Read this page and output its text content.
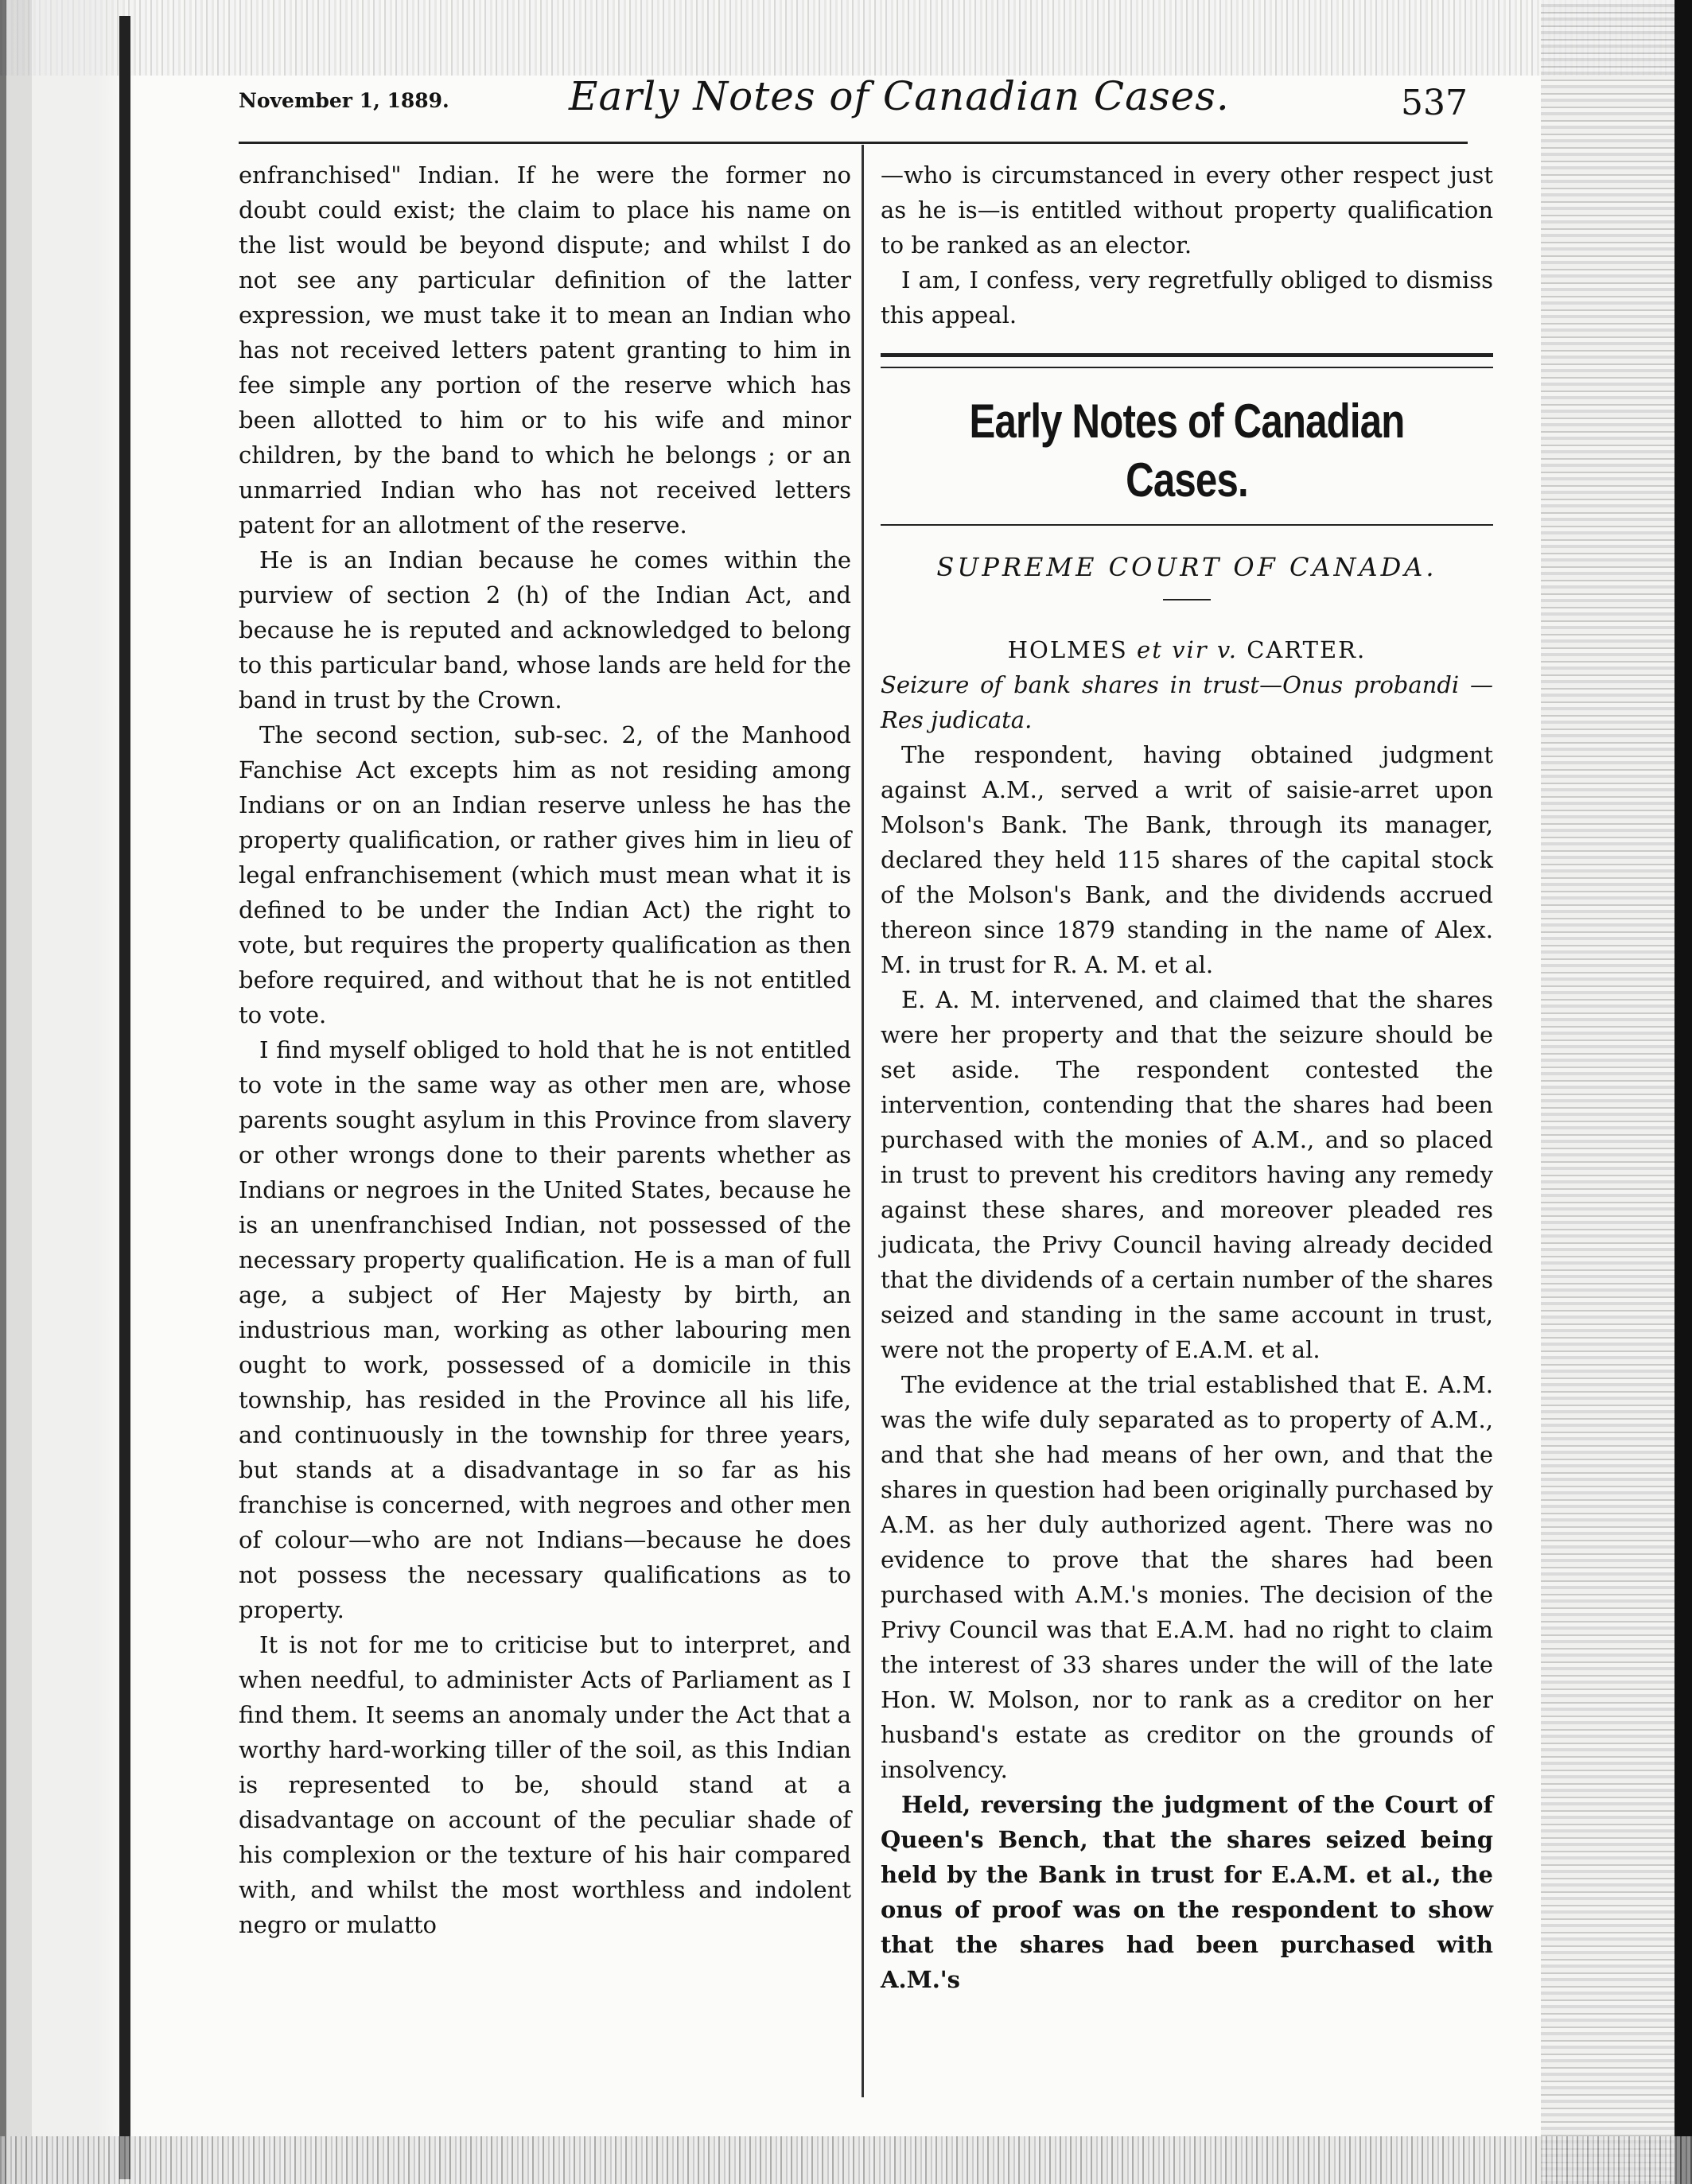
November 1, 1889.	Early Notes of Canadian Cases.	537

enfranchised" Indian. If he were the former no doubt could exist; the claim to place his name on the list would be beyond dispute; and whilst I do not see any particular definition of the latter expression, we must take it to mean an Indian who has not received letters patent granting to him in fee simple any portion of the reserve which has been allotted to him or to his wife and minor children, by the band to which he belongs ; or an unmarried Indian who has not received letters patent for an allotment of the reserve.

He is an Indian because he comes within the purview of section 2 (h) of the Indian Act, and because he is reputed and acknowledged to belong to this particular band, whose lands are held for the band in trust by the Crown.

The second section, sub-sec. 2, of the Manhood Fanchise Act excepts him as not residing among Indians or on an Indian reserve unless he has the property qualification, or rather gives him in lieu of legal enfranchisement (which must mean what it is defined to be under the Indian Act) the right to vote, but requires the property qualification as then before required, and without that he is not entitled to vote.

I find myself obliged to hold that he is not entitled to vote in the same way as other men are, whose parents sought asylum in this Province from slavery or other wrongs done to their parents whether as Indians or negroes in the United States, because he is an unenfranchised Indian, not possessed of the necessary property qualification. He is a man of full age, a subject of Her Majesty by birth, an industrious man, working as other labouring men ought to work, possessed of a domicile in this township, has resided in the Province all his life, and continuously in the township for three years, but stands at a disadvantage in so far as his franchise is concerned, with negroes and other men of colour—who are not Indians—because he does not possess the necessary qualifications as to property.

It is not for me to criticise but to interpret, and when needful, to administer Acts of Parliament as I find them. It seems an anomaly under the Act that a worthy hard-working tiller of the soil, as this Indian is represented to be, should stand at a disadvantage on account of the peculiar shade of his complexion or the texture of his hair compared with, and whilst the most worthless and indolent negro or mulatto

—who is circumstanced in every other respect just as he is—is entitled without property qualification to be ranked as an elector.

I am, I confess, very regretfully obliged to dismiss this appeal.

Early Notes of Canadian Cases.

SUPREME COURT OF CANADA.

HOLMES et vir v. CARTER.

Seizure of bank shares in trust—Onus probandi —Res judicata.

The respondent, having obtained judgment against A.M., served a writ of saisie-arret upon Molson's Bank. The Bank, through its manager, declared they held 115 shares of the capital stock of the Molson's Bank, and the dividends accrued thereon since 1879 standing in the name of Alex. M. in trust for R. A. M. et al.

E. A. M. intervened, and claimed that the shares were her property and that the seizure should be set aside. The respondent contested the intervention, contending that the shares had been purchased with the monies of A.M., and so placed in trust to prevent his creditors having any remedy against these shares, and moreover pleaded res judicata, the Privy Council having already decided that the dividends of a certain number of the shares seized and standing in the same account in trust, were not the property of E.A.M. et al.

The evidence at the trial established that E. A.M. was the wife duly separated as to property of A.M., and that she had means of her own, and that the shares in question had been originally purchased by A.M. as her duly authorized agent. There was no evidence to prove that the shares had been purchased with A.M.'s monies. The decision of the Privy Council was that E.A.M. had no right to claim the interest of 33 shares under the will of the late Hon. W. Molson, nor to rank as a creditor on her husband's estate as creditor on the grounds of insolvency.

Held, reversing the judgment of the Court of Queen's Bench, that the shares seized being held by the Bank in trust for E.A.M. et al., the onus of proof was on the respondent to show that the shares had been purchased with A.M.'s
